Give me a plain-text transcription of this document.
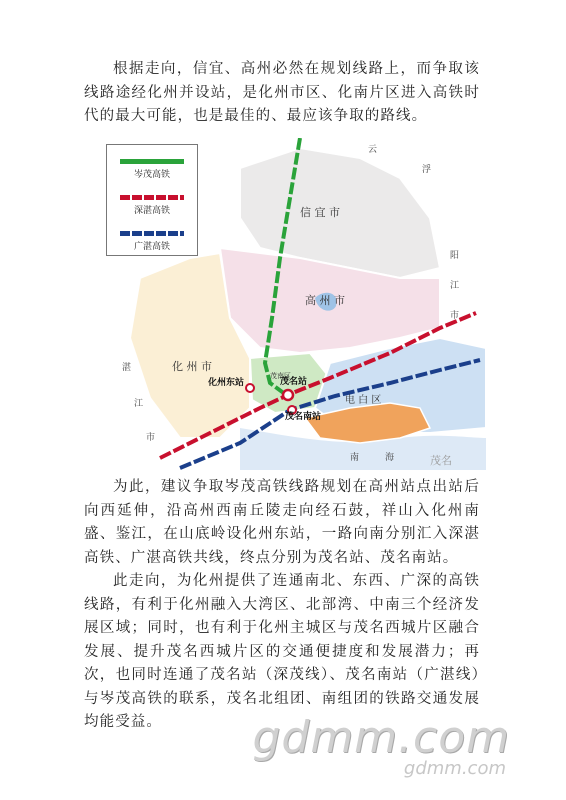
根据走向，信宜、高州必然在规划线路上，而争取该线路途经化州并设站，是化州市区、化南片区进入高铁时代的最大可能，也是最佳的、最应该争取的路线。

信 宜 市
高 州 市
化 州 市
茂南区
电 白 区
化州东站	茂名站
茂名南站
云
浮
阳
江
市
湛
江
市
南	海
岑茂高铁
深湛高铁
广湛高铁
茂名

为此，建议争取岑茂高铁线路规划在高州站点出站后向西延伸，沿高州西南丘陵走向经石鼓，祥山入化州南盛、鉴江，在山底岭设化州东站，一路向南分别汇入深湛高铁、广湛高铁共线，终点分别为茂名站、茂名南站。

此走向，为化州提供了连通南北、东西、广深的高铁线路，有利于化州融入大湾区、北部湾、中南三个经济发展区域；同时，也有利于化州主城区与茂名西城片区融合发展、提升茂名西城片区的交通便捷度和发展潜力；再次，也同时连通了茂名站（深茂线）、茂名南站（广湛线）与岑茂高铁的联系，茂名北组团、南组团的铁路交通发展均能受益。	gdmm.com
gdmm.com
